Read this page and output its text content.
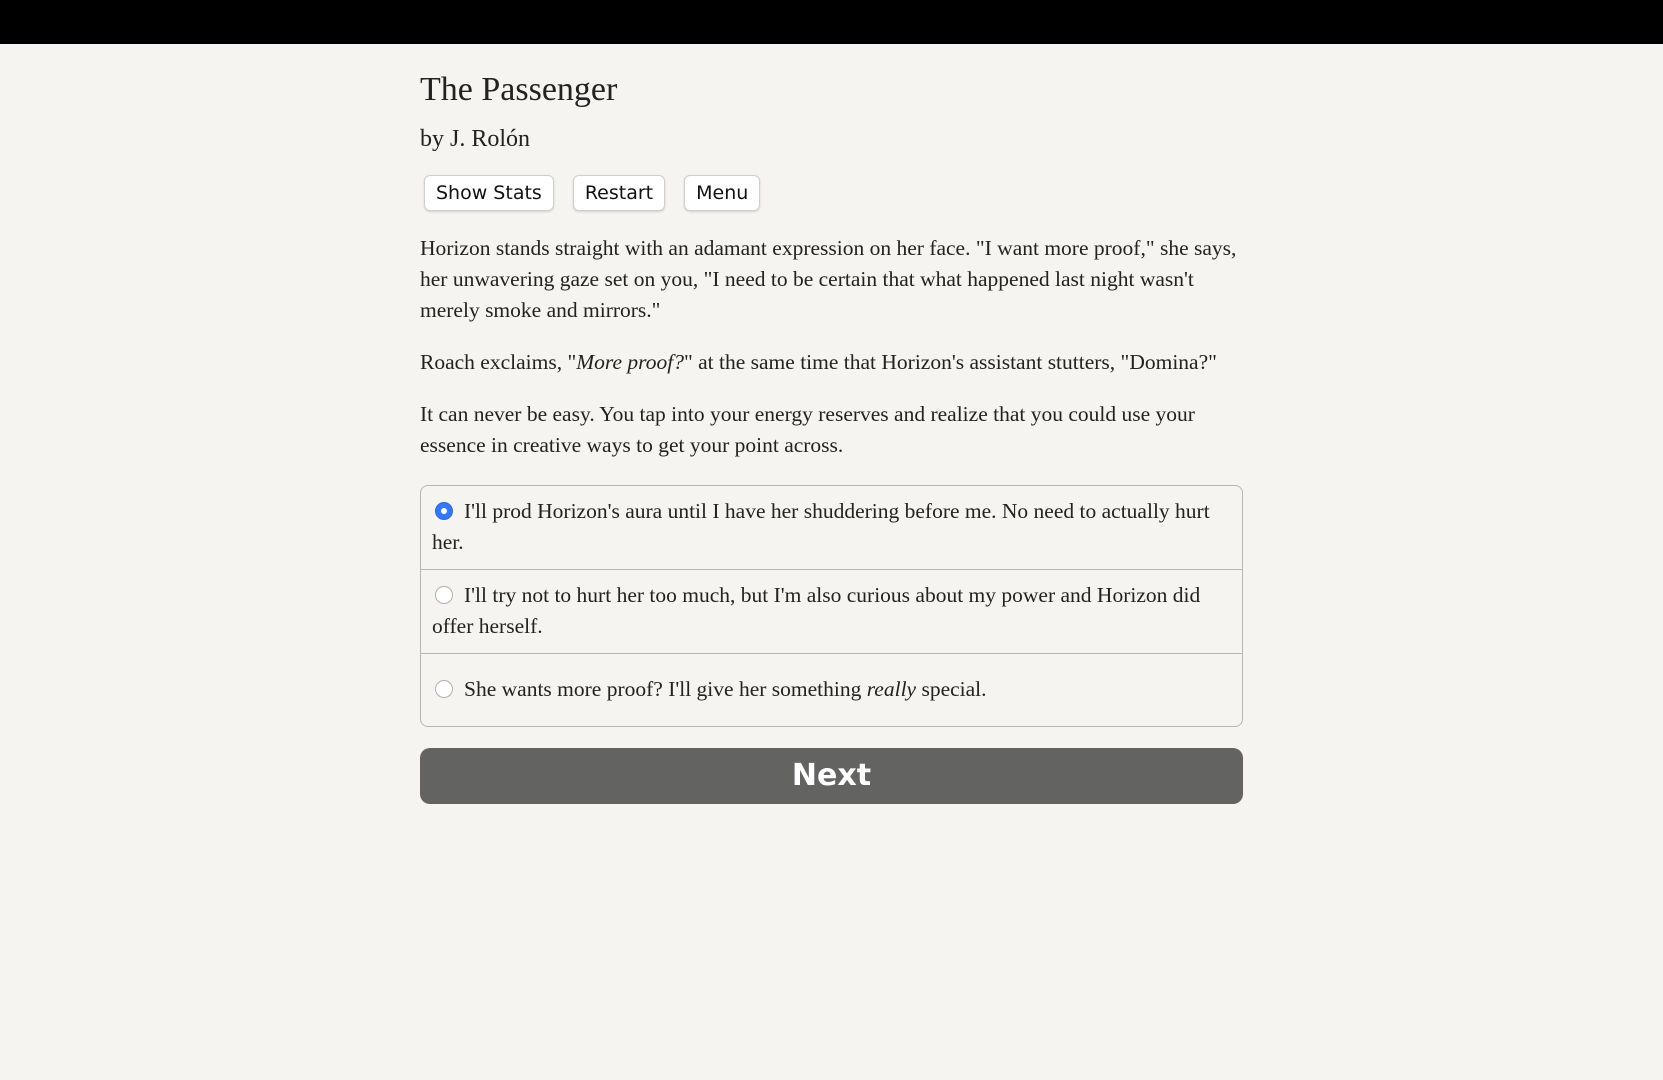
The Passenger
by J. Rolón
Show Stats	Restart	Menu

Horizon stands straight with an adamant expression on her face. "I want more proof," she says, her unwavering gaze set on you, "I need to be certain that what happened last night wasn't merely smoke and mirrors."

Roach exclaims, "More proof?" at the same time that Horizon's assistant stutters, "Domina?"

It can never be easy. You tap into your energy reserves and realize that you could use your essence in creative ways to get your point across.

I'll prod Horizon's aura until I have her shuddering before me. No need to actually hurt her.
I'll try not to hurt her too much, but I'm also curious about my power and Horizon did offer herself.
She wants more proof? I'll give her something really special.
Next
